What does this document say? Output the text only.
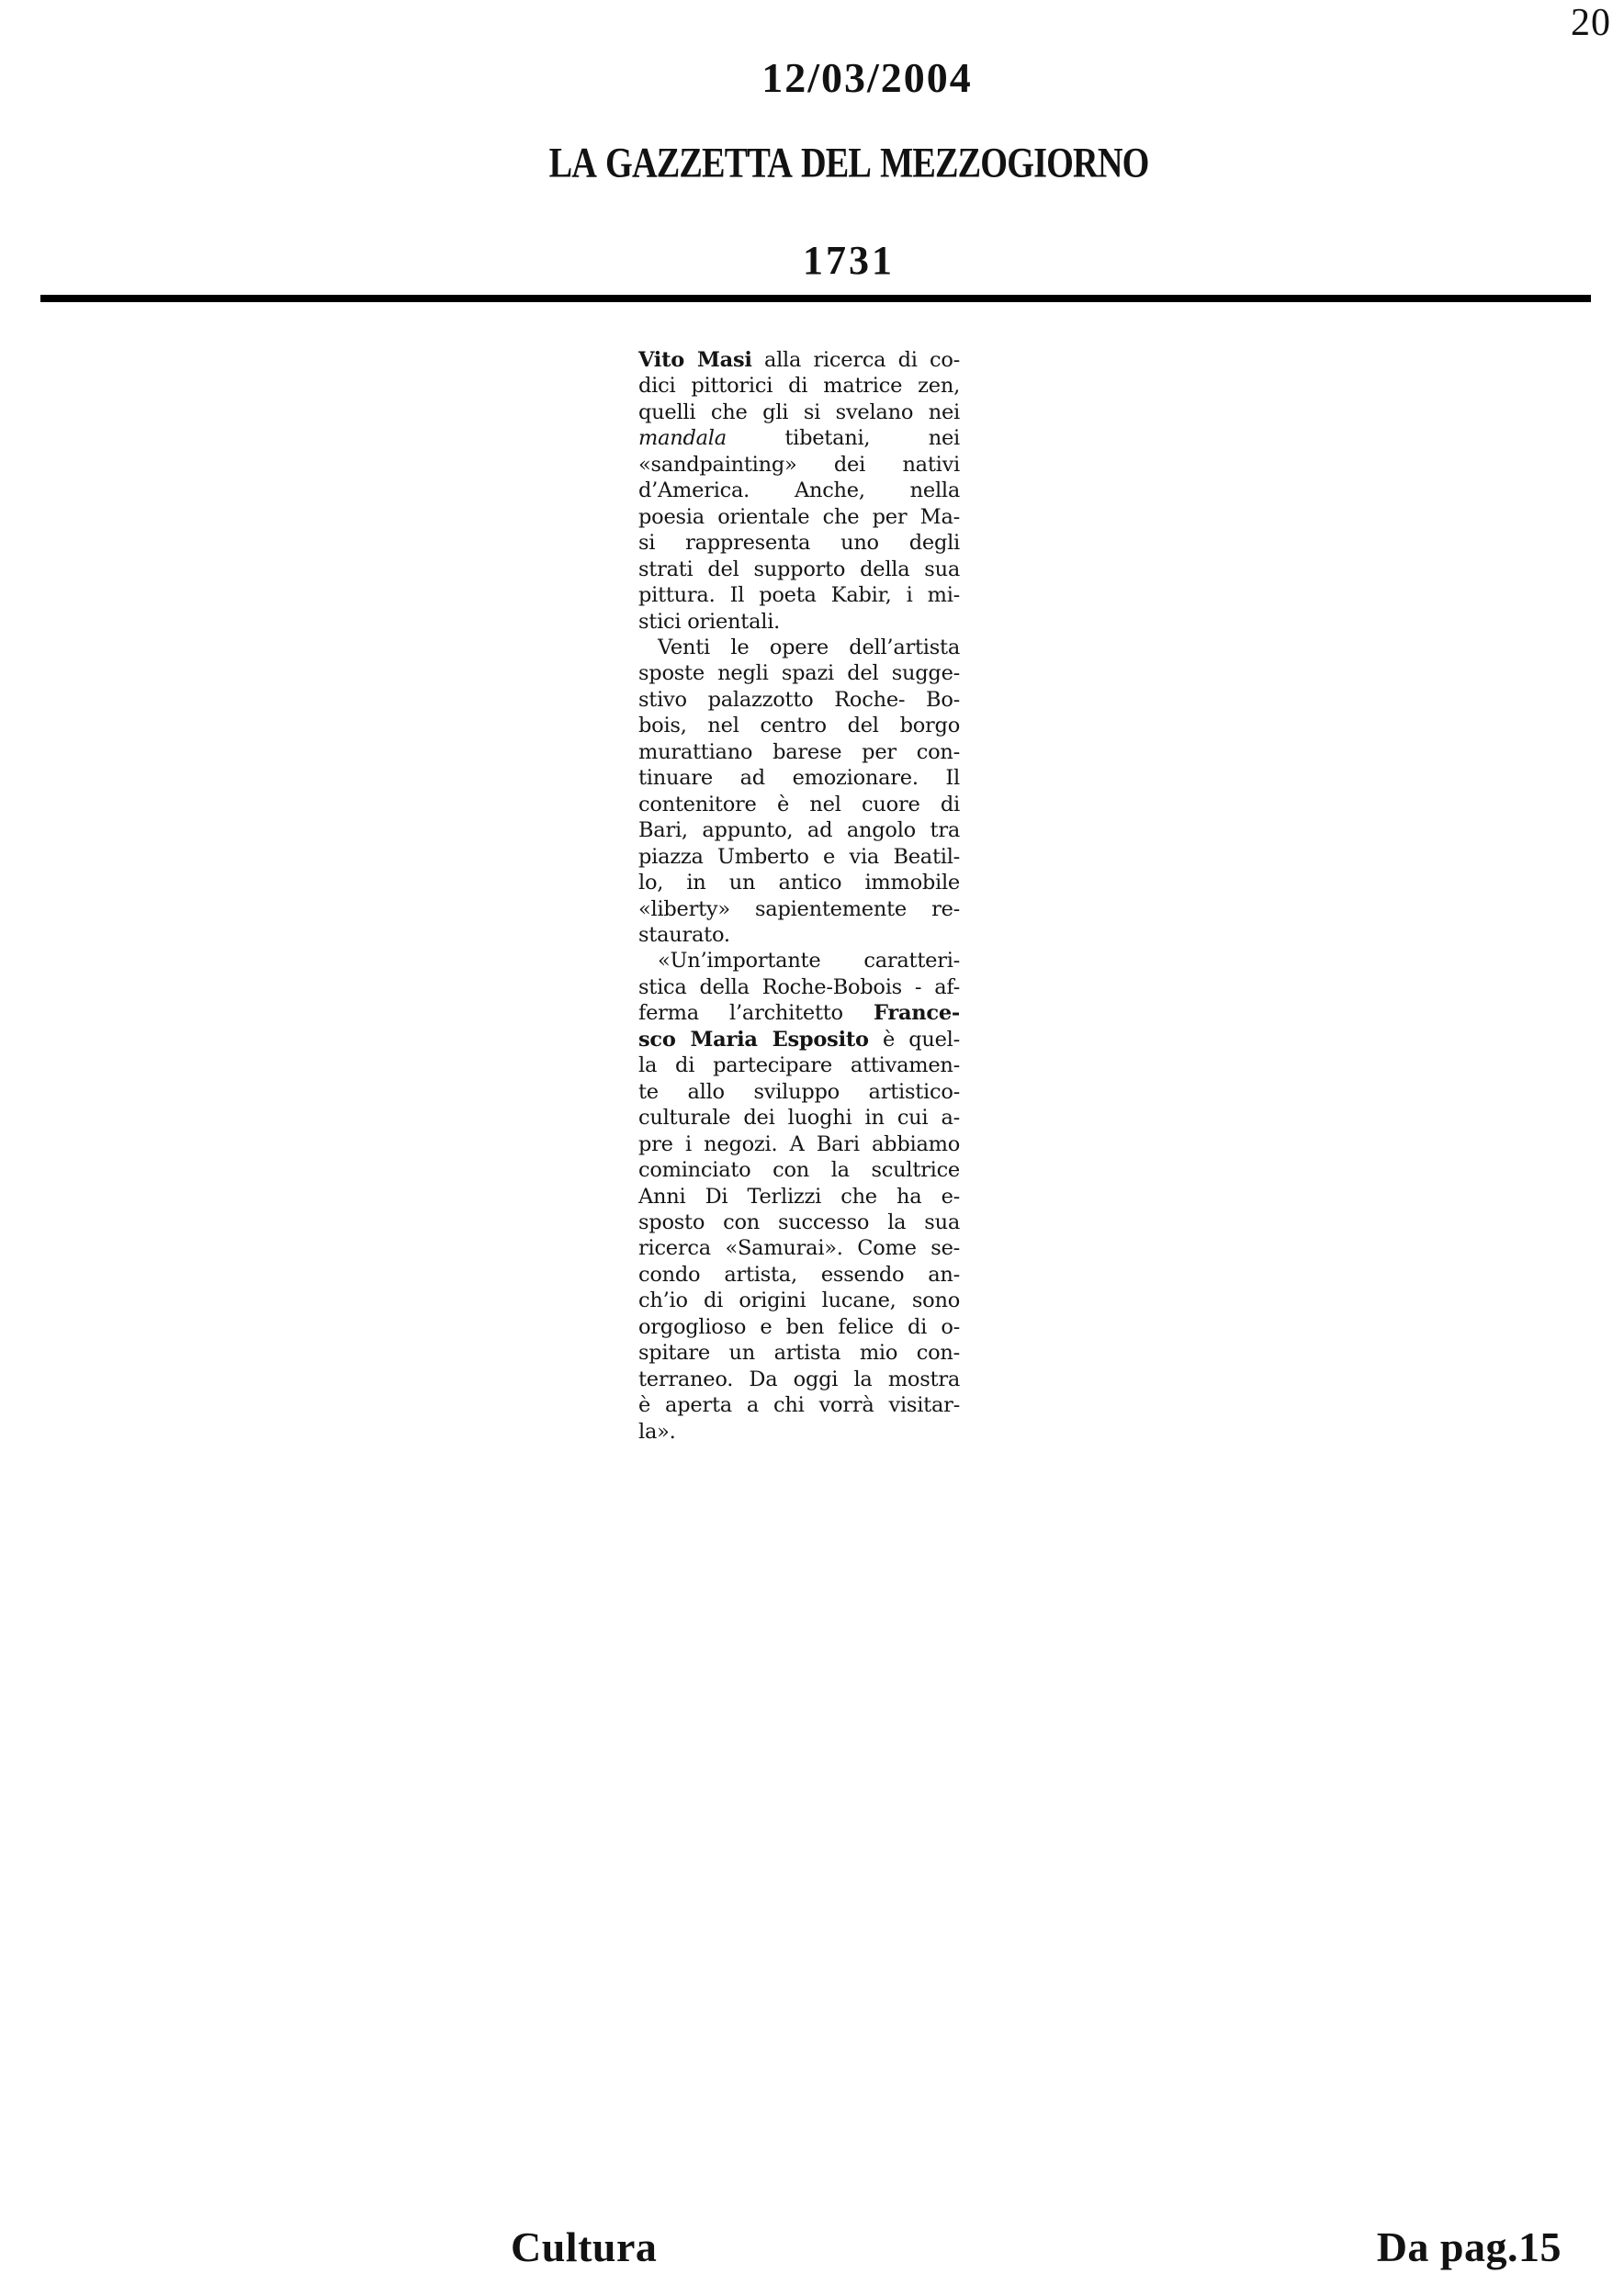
20
12/03/2004
LA GAZZETTA DEL MEZZOGIORNO
1731
Vito Masi alla ricerca di co-
dici pittorici di matrice zen,
quelli che gli si svelano nei
mandala tibetani, nei
«sandpainting» dei nativi
d’America. Anche, nella
poesia orientale che per Ma-
si rappresenta uno degli
strati del supporto della sua
pittura. Il poeta Kabir, i mi-
stici orientali.
Venti le opere dell’artista
sposte negli spazi del sugge-
stivo palazzotto Roche- Bo-
bois, nel centro del borgo
murattiano barese per con-
tinuare ad emozionare. Il
contenitore è nel cuore di
Bari, appunto, ad angolo tra
piazza Umberto e via Beatil-
lo, in un antico immobile
«liberty» sapientemente re-
staurato.
«Un’importante caratteri-
stica della Roche-Bobois - af-
ferma l’architetto France-
sco Maria Esposito è quel-
la di partecipare attivamen-
te allo sviluppo artistico-
culturale dei luoghi in cui a-
pre i negozi. A Bari abbiamo
cominciato con la scultrice
Anni Di Terlizzi che ha e-
sposto con successo la sua
ricerca «Samurai». Come se-
condo artista, essendo an-
ch’io di origini lucane, sono
orgoglioso e ben felice di o-
spitare un artista mio con-
terraneo. Da oggi la mostra
è aperta a chi vorrà visitar-
la».
Cultura	Da pag.15
